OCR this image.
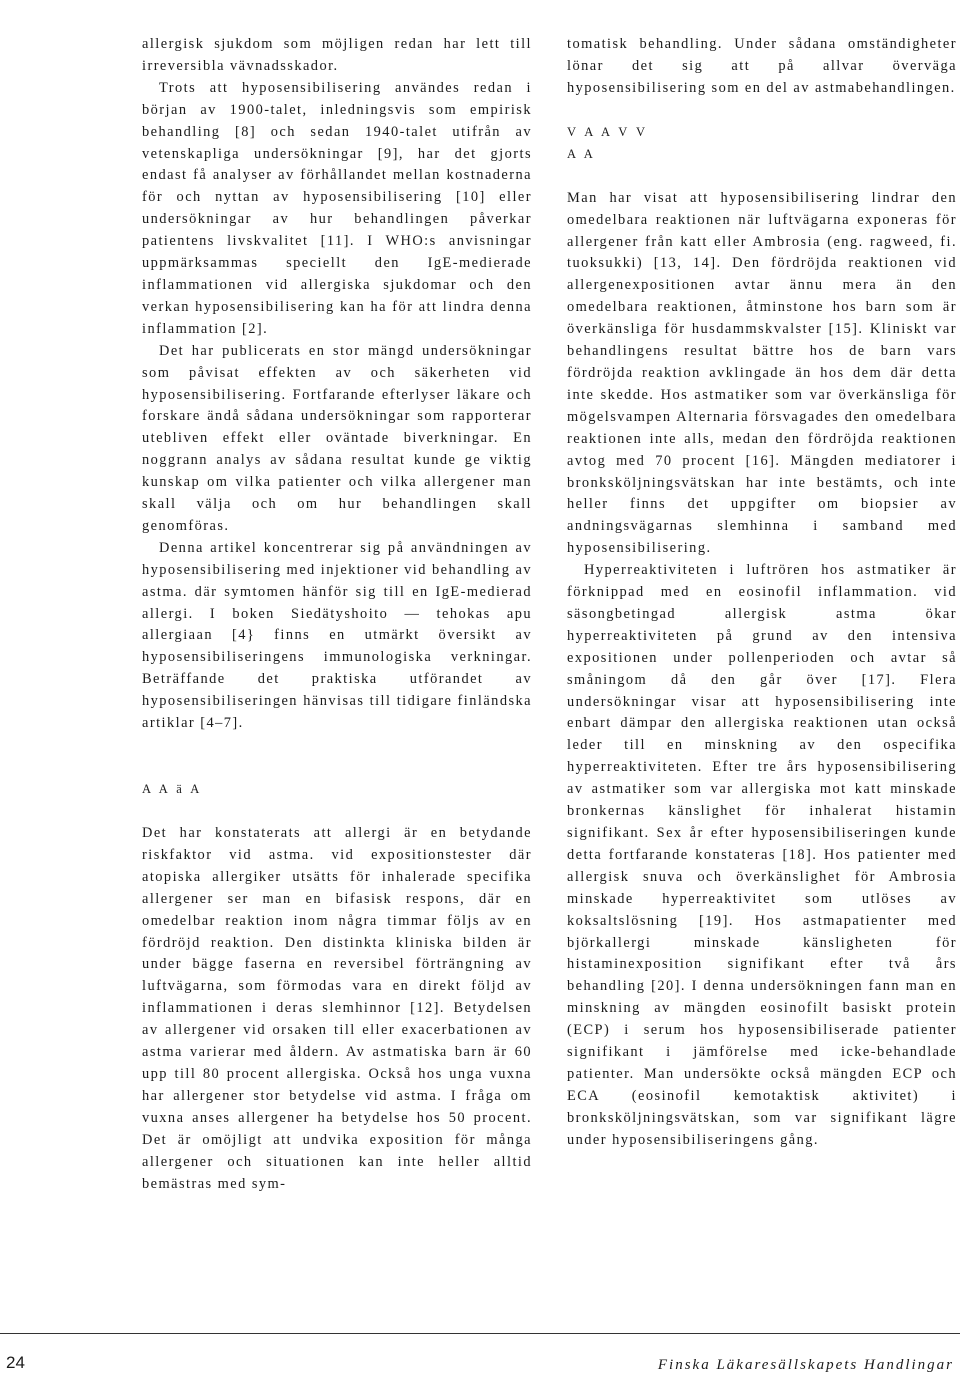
allergisk sjukdom som möjligen redan har lett till irreversibla vävnadsskador.

Trots att hyposensibilisering användes redan i början av 1900-talet, inledningsvis som empirisk behandling [8] och sedan 1940-talet utifrån av vetenskapliga undersökningar [9], har det gjorts endast få analyser av förhållandet mellan kostnaderna för och nyttan av hyposensibilisering [10] eller undersökningar av hur behandlingen påverkar patientens livskvalitet [11]. I WHO:s anvisningar uppmärksammas speciellt den IgE-medierade inflammationen vid allergiska sjukdomar och den verkan hyposensibilisering kan ha för att lindra denna inflammation [2].

Det har publicerats en stor mängd undersökningar som påvisat effekten av och säkerheten vid hyposensibilisering. Fortfarande efterlyser läkare och forskare ändå sådana undersökningar som rapporterar utebliven effekt eller oväntade biverkningar. En noggrann analys av sådana resultat kunde ge viktig kunskap om vilka patienter och vilka allergener man skall välja och om hur behandlingen skall genomföras.

Denna artikel koncentrerar sig på användningen av hyposensibilisering med injektioner vid behandling av astma. där symtomen hänför sig till en IgE-medierad allergi. I boken Siedätyshoito — tehokas apu allergiaan [4} finns en utmärkt översikt av hyposensibiliseringens immunologiska verkningar. Beträffande det praktiska utförandet av hyposensibiliseringen hänvisas till tidigare finländska artiklar [4–7].

A A ä A

Det har konstaterats att allergi är en betydande riskfaktor vid astma. vid expositionstester där atopiska allergiker utsätts för inhalerade specifika allergener ser man en bifasisk respons, där en omedelbar reaktion inom några timmar följs av en fördröjd reaktion. Den distinkta kliniska bilden är under bägge faserna en reversibel förträngning av luftvägarna, som förmodas vara en direkt följd av inflammationen i deras slemhinnor [12]. Betydelsen av allergener vid orsaken till eller exacerbationen av astma varierar med åldern. Av astmatiska barn är 60 upp till 80 procent allergiska. Också hos unga vuxna har allergener stor betydelse vid astma. I fråga om vuxna anses allergener ha betydelse hos 50 procent. Det är omöjligt att undvika exposition för många allergener och situationen kan inte heller alltid bemästras med sym-

tomatisk behandling. Under sådana omständigheter lönar det sig att på allvar överväga hyposensibilisering som en del av astmabehandlingen.

V A A V V

A A

Man har visat att hyposensibilisering lindrar den omedelbara reaktionen när luftvägarna exponeras för allergener från katt eller Ambrosia (eng. ragweed, fi. tuoksukki) [13, 14]. Den fördröjda reaktionen vid allergenexpositionen avtar ännu mera än den omedelbara reaktionen, åtminstone hos barn som är överkänsliga för husdammskvalster [15]. Kliniskt var behandlingens resultat bättre hos de barn vars fördröjda reaktion avklingade än hos dem där detta inte skedde. Hos astmatiker som var överkänsliga för mögelsvampen Alternaria försvagades den omedelbara reaktionen inte alls, medan den fördröjda reaktionen avtog med 70 procent [16]. Mängden mediatorer i bronksköljningsvätskan har inte bestämts, och inte heller finns det uppgifter om biopsier av andningsvägarnas slemhinna i samband med hyposensibilisering.

Hyperreaktiviteten i luftrören hos astmatiker är förknippad med en eosinofil inflammation. vid säsongbetingad allergisk astma ökar hyperreaktiviteten på grund av den intensiva expositionen under pollenperioden och avtar så småningom då den går över [17]. Flera undersökningar visar att hyposensibilisering inte enbart dämpar den allergiska reaktionen utan också leder till en minskning av den ospecifika hyperreaktiviteten. Efter tre års hyposensibilisering av astmatiker som var allergiska mot katt minskade bronkernas känslighet för inhalerat histamin signifikant. Sex år efter hyposensibiliseringen kunde detta fortfarande konstateras [18]. Hos patienter med allergisk snuva och överkänslighet för Ambrosia minskade hyperreaktivitet som utlöses av koksaltslösning [19]. Hos astmapatienter med björkallergi minskade känsligheten för histaminexposition signifikant efter två års behandling [20]. I denna undersökningen fann man en minskning av mängden eosinofilt basiskt protein (ECP) i serum hos hyposensibiliserade patienter signifikant i jämförelse med icke-behandlade patienter. Man undersökte också mängden ECP och ECA (eosinofil kemotaktisk aktivitet) i bronksköljningsvätskan, som var signifikant lägre under hyposensibiliseringens gång.

24	Finska Läkaresällskapets Handlingar
